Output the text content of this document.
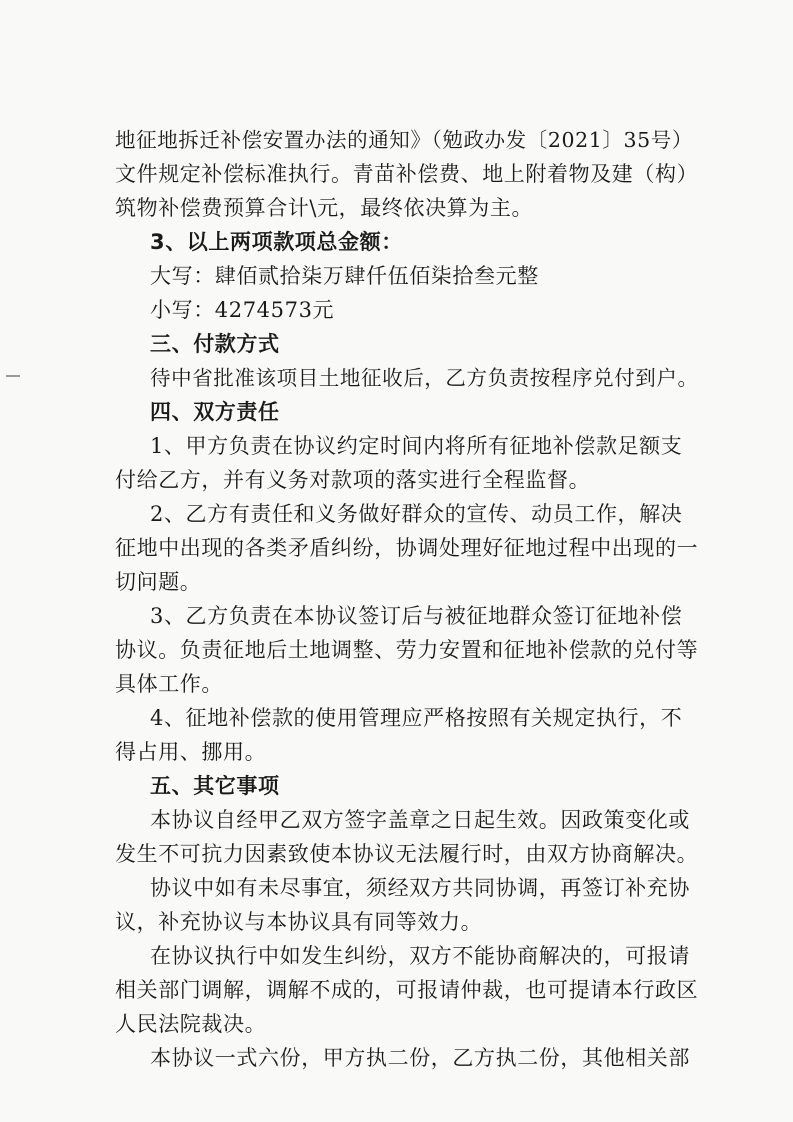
地征地拆迁补偿安置办法的通知》（勉政办发〔2021〕35号）
文件规定补偿标准执行。青苗补偿费、地上附着物及建（构）
筑物补偿费预算合计\元，最终依决算为主。
3、以上两项款项总金额：
大写：肆佰贰拾柒万肆仟伍佰柒拾叁元整
小写：4274573元
三、付款方式
待中省批准该项目土地征收后，乙方负责按程序兑付到户。
四、双方责任
1、甲方负责在协议约定时间内将所有征地补偿款足额支
付给乙方，并有义务对款项的落实进行全程监督。
2、乙方有责任和义务做好群众的宣传、动员工作，解决
征地中出现的各类矛盾纠纷，协调处理好征地过程中出现的一
切问题。
3、乙方负责在本协议签订后与被征地群众签订征地补偿
协议。负责征地后土地调整、劳力安置和征地补偿款的兑付等
具体工作。
4、征地补偿款的使用管理应严格按照有关规定执行，不
得占用、挪用。
五、其它事项
本协议自经甲乙双方签字盖章之日起生效。因政策变化或
发生不可抗力因素致使本协议无法履行时，由双方协商解决。
协议中如有未尽事宜，须经双方共同协调，再签订补充协
议，补充协议与本协议具有同等效力。
在协议执行中如发生纠纷，双方不能协商解决的，可报请
相关部门调解，调解不成的，可报请仲裁，也可提请本行政区
人民法院裁决。
本协议一式六份，甲方执二份，乙方执二份，其他相关部
